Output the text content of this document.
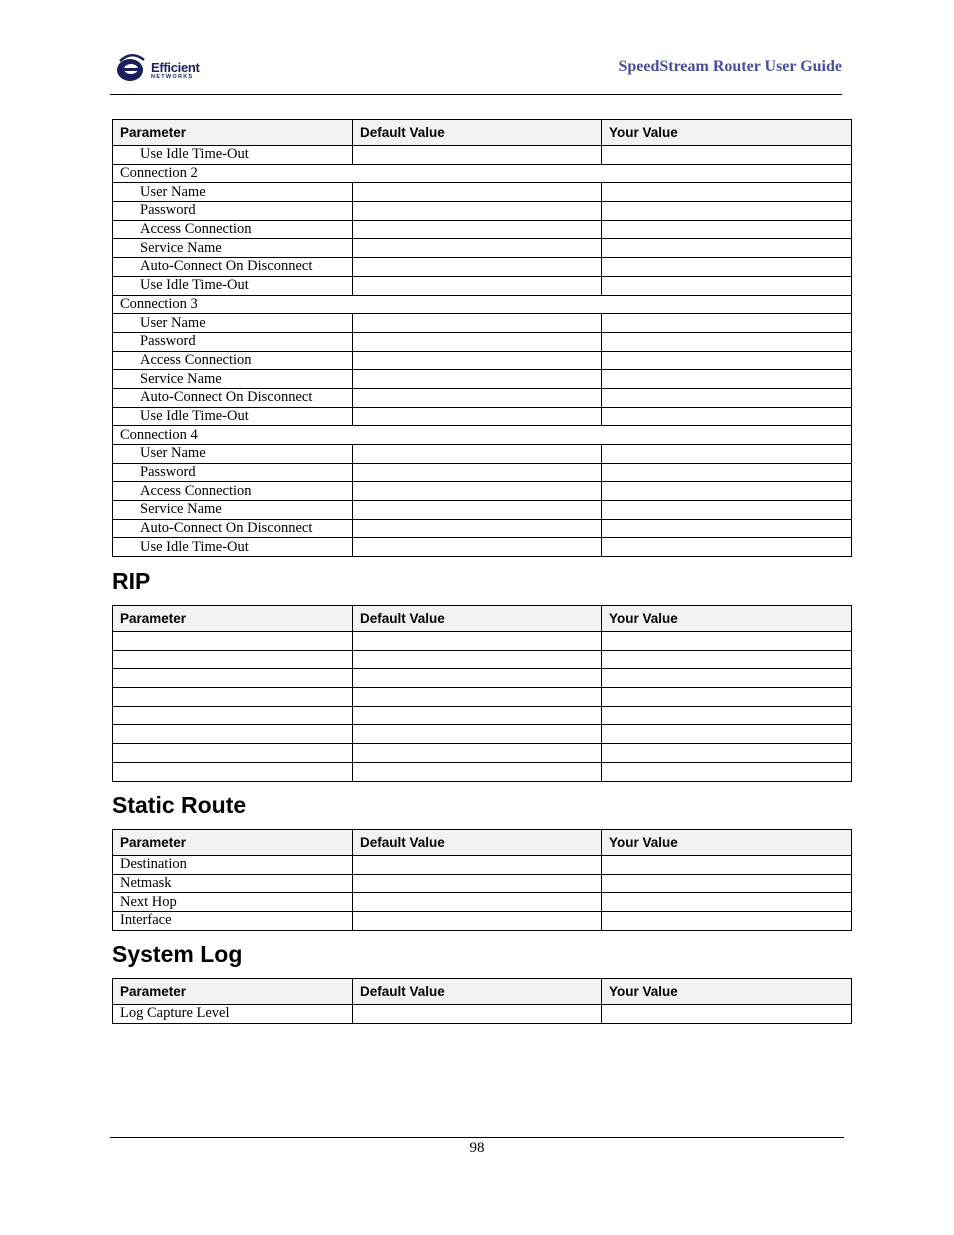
Efficient
NETWORKS
SpeedStream Router User Guide
Parameter	Default Value	Your Value
Use Idle Time-Out		
Connection 2		
User Name		
Password		
Access Connection		
Service Name		
Auto-Connect On Disconnect		
Use Idle Time-Out		
Connection 3		
User Name		
Password		
Access Connection		
Service Name		
Auto-Connect On Disconnect		
Use Idle Time-Out		
Connection 4		
User Name		
Password		
Access Connection		
Service Name		
Auto-Connect On Disconnect		
Use Idle Time-Out		
RIP
Parameter	Default Value	Your Value

Static Route
Parameter	Default Value	Your Value
Destination		
Netmask		
Next Hop		
Interface		
System Log
Parameter	Default Value	Your Value
Log Capture Level		
98
